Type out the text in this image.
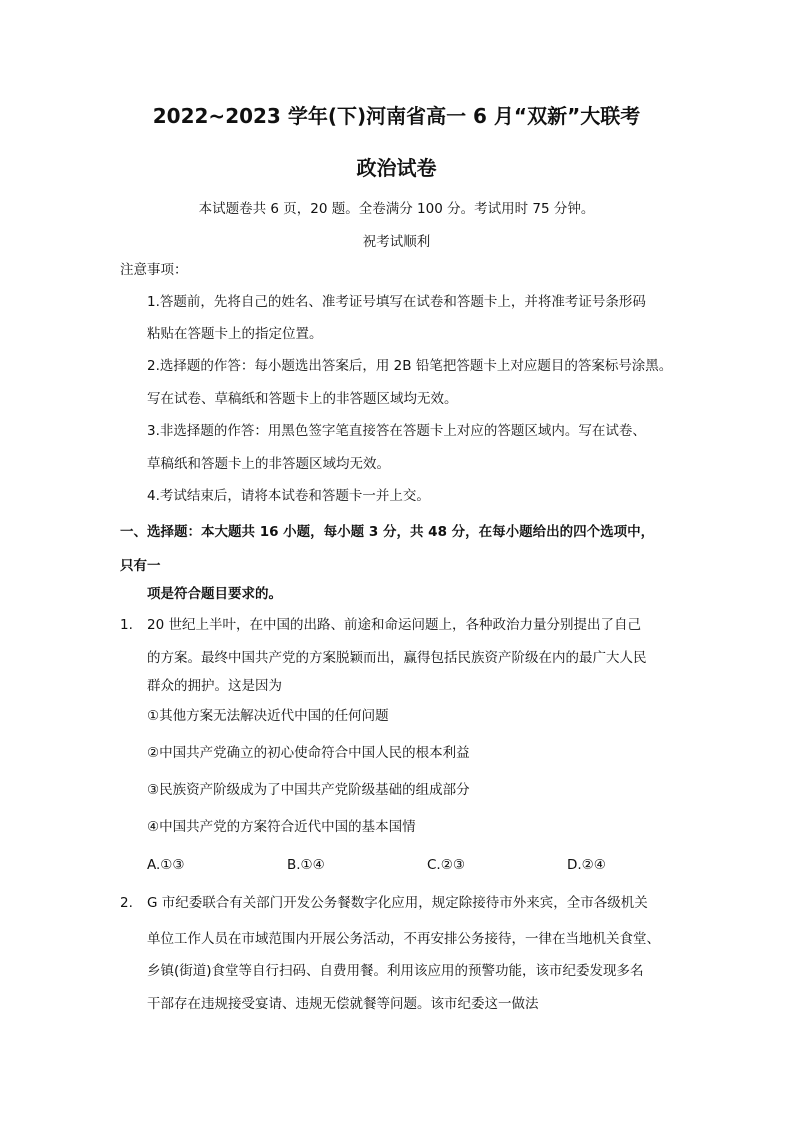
2022~2023 学年(下)河南省高一 6 月“双新”大联考
政治试卷
本试题卷共 6 页，20 题。全卷满分 100 分。考试用时 75 分钟。
祝考试顺利
注意事项：
1.答题前，先将自己的姓名、准考证号填写在试卷和答题卡上，并将准考证号条形码
粘贴在答题卡上的指定位置。
2.选择题的作答：每小题选出答案后，用 2B 铅笔把答题卡上对应题目的答案标号涂黑。
写在试卷、草稿纸和答题卡上的非答题区域均无效。
3.非选择题的作答：用黑色签字笔直接答在答题卡上对应的答题区域内。写在试卷、
草稿纸和答题卡上的非答题区域均无效。
4.考试结束后，请将本试卷和答题卡一并上交。
一、选择题：本大题共 16 小题，每小题 3 分，共 48 分，在每小题给出的四个选项中，
只有一
项是符合题目要求的。
1. 20 世纪上半叶，在中国的出路、前途和命运问题上，各种政治力量分别提出了自己
的方案。最终中国共产党的方案脱颖而出，赢得包括民族资产阶级在内的最广大人民
群众的拥护。这是因为
①其他方案无法解决近代中国的任何问题
②中国共产党确立的初心使命符合中国人民的根本利益
③民族资产阶级成为了中国共产党阶级基础的组成部分
④中国共产党的方案符合近代中国的基本国情
A.①③	B.①④	C.②③	D.②④
2. G 市纪委联合有关部门开发公务餐数字化应用，规定除接待市外来宾，全市各级机关
单位工作人员在市域范围内开展公务活动，不再安排公务接待，一律在当地机关食堂、
乡镇(街道)食堂等自行扫码、自费用餐。利用该应用的预警功能，该市纪委发现多名
干部存在违规接受宴请、违规无偿就餐等问题。该市纪委这一做法
